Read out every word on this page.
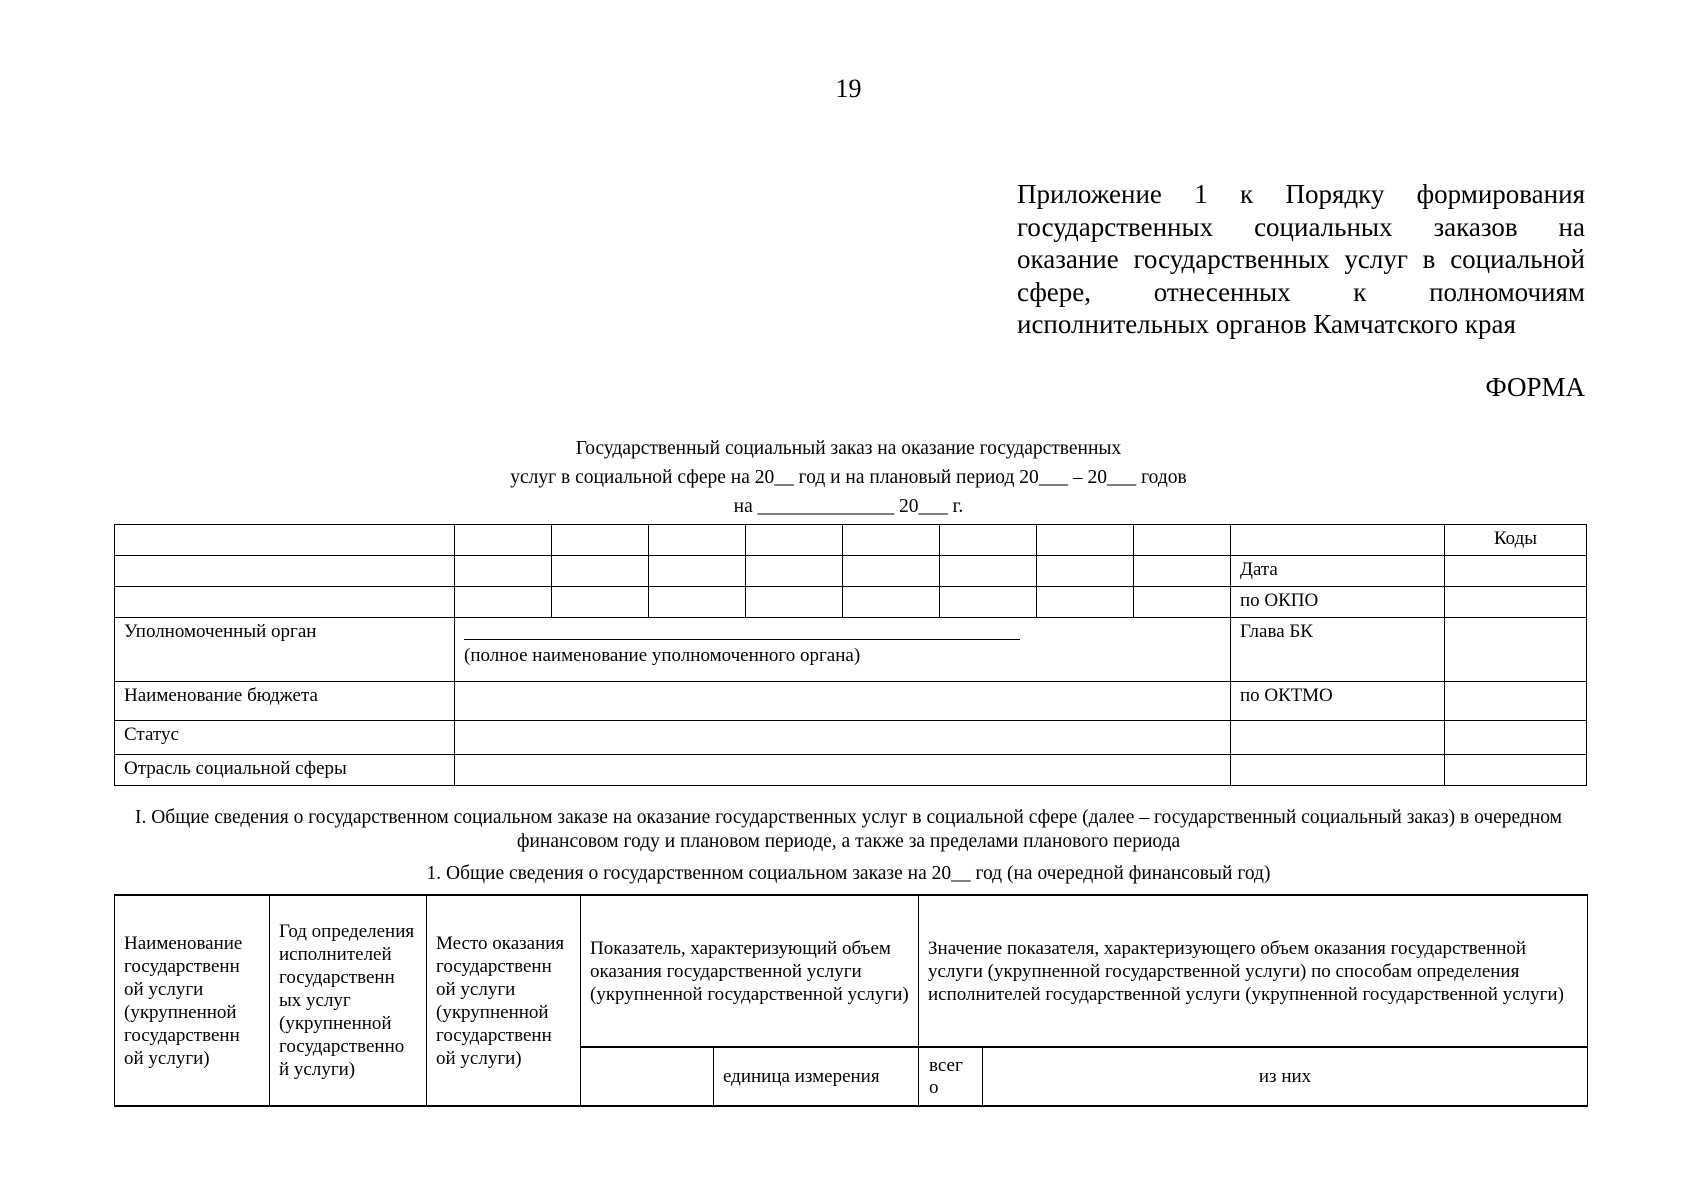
19
Приложение 1 к Порядку формирования
государственных социальных заказов на
оказание государственных услуг в социальной
сфере, отнесенных к полномочиям
исполнительных органов Камчатского края
ФОРМА
Государственный социальный заказ на оказание государственных
услуг в социальной сфере на 20__ год и на плановый период 20___ – 20___ годов
на ______________ 20___ г.
										Коды
									Дата	
									по ОКПО	
Уполномоченный орган	(полное наименование уполномоченного органа)								Глава БК	
Наименование бюджета									по ОКТМО	
Статус										
Отрасль социальной сферы										
I. Общие сведения о государственном социальном заказе на оказание государственных услуг в социальной сфере (далее – государственный социальный заказ) в очередном финансовом году и плановом периоде, а также за пределами планового периода
1. Общие сведения о государственном социальном заказе на 20__ год (на очередной финансовый год)
Наименование государственн ой услуги (укрупненной государственн ой услуги)	Год определения исполнителей государственн ых услуг (укрупненной государственно й услуги)	Место оказания государственн ой услуги (укрупненной государственн ой услуги)	Показатель, характеризующий объем оказания государственной услуги (укрупненной государственной услуги)		Значение показателя, характеризующего объем оказания государственной услуги (укрупненной государственной услуги) по способам определения исполнителей государственной услуги (укрупненной государственной услуги)	
				единица измерения	всег о	из них
